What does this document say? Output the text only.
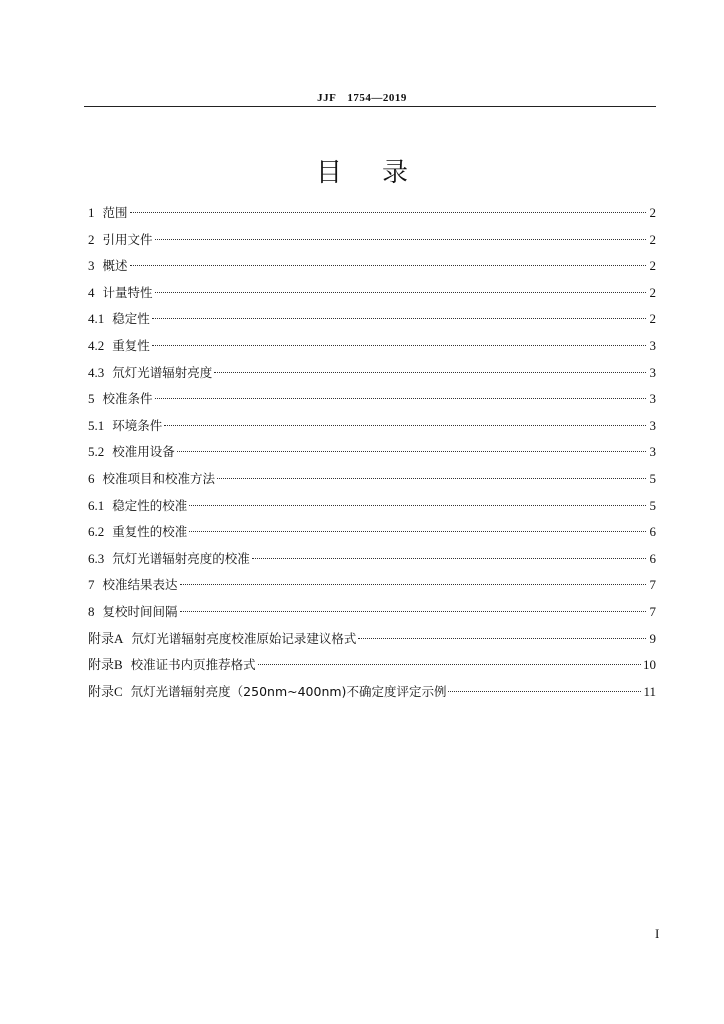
JJF　1754—2019
目录
1 范围	2
2 引用文件	2
3 概述	2
4 计量特性	2
4.1 稳定性	2
4.2 重复性	3
4.3 氘灯光谱辐射亮度	3
5 校准条件	3
5.1 环境条件	3
5.2 校准用设备	3
6 校准项目和校准方法	5
6.1 稳定性的校准	5
6.2 重复性的校准	6
6.3 氘灯光谱辐射亮度的校准	6
7 校准结果表达	7
8 复校时间间隔	7
附录A 氘灯光谱辐射亮度校准原始记录建议格式	9
附录B 校准证书内页推荐格式	10
附录C 氘灯光谱辐射亮度（250nm~400nm)不确定度评定示例	11
I
